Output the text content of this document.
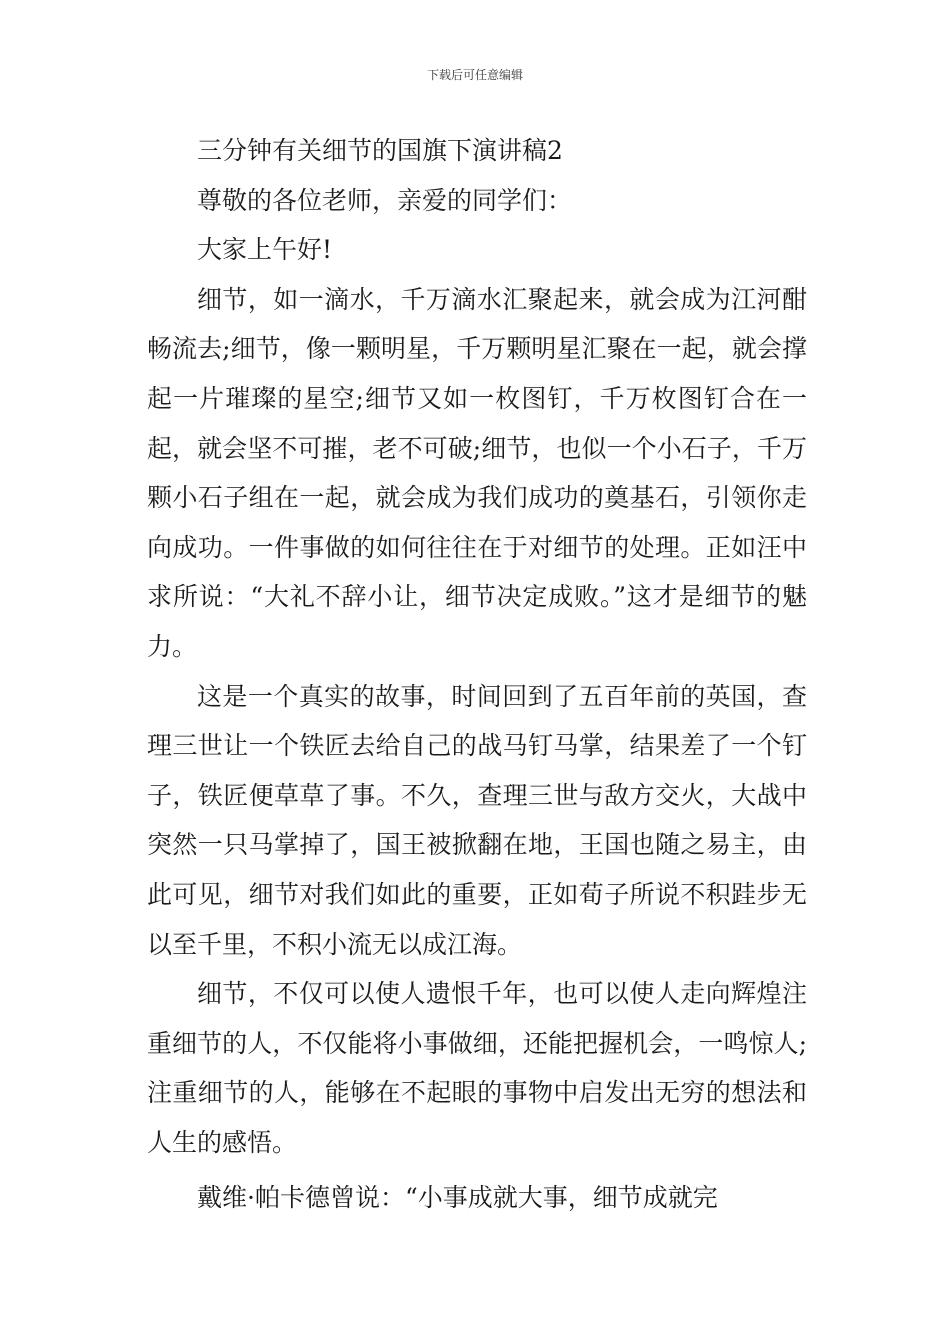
下载后可任意编辑

三分钟有关细节的国旗下演讲稿2

尊敬的各位老师，亲爱的同学们：

大家上午好!

细节，如一滴水，千万滴水汇聚起来，就会成为江河酣畅流去;细节，像一颗明星，千万颗明星汇聚在一起，就会撑起一片璀璨的星空;细节又如一枚图钉，千万枚图钉合在一起，就会坚不可摧，老不可破;细节，也似一个小石子，千万颗小石子组在一起，就会成为我们成功的奠基石，引领你走向成功。一件事做的如何往往在于对细节的处理。正如汪中求所说：“大礼不辞小让，细节决定成败。”这才是细节的魅力。

这是一个真实的故事，时间回到了五百年前的英国，查理三世让一个铁匠去给自己的战马钉马掌，结果差了一个钉子，铁匠便草草了事。不久，查理三世与敌方交火，大战中突然一只马掌掉了，国王被掀翻在地，王国也随之易主，由此可见，细节对我们如此的重要，正如荀子所说不积跬步无以至千里，不积小流无以成江海。

细节，不仅可以使人遗恨千年，也可以使人走向辉煌注重细节的人，不仅能将小事做细，还能把握机会，一鸣惊人;注重细节的人，能够在不起眼的事物中启发出无穷的想法和人生的感悟。

戴维·帕卡德曾说：“小事成就大事，细节成就完
